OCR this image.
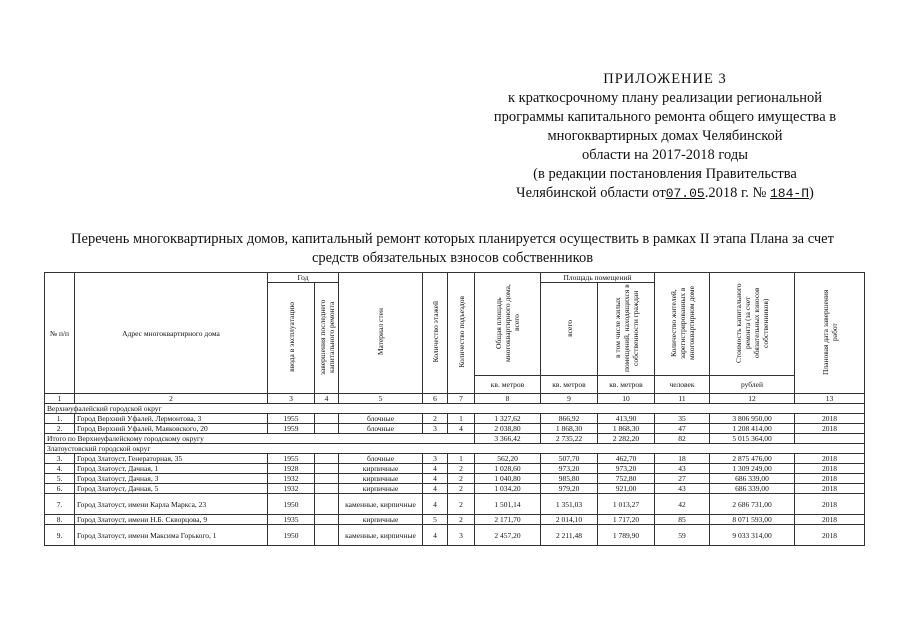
ПРИЛОЖЕНИЕ 3
к краткосрочному плану реализации региональной
программы капитального ремонта общего имущества в
многоквартирных домах Челябинской
области на 2017-2018 годы
(в редакции постановления Правительства
Челябинской области от07.05.2018 г. № 184-П)
Перечень многоквартирных домов, капитальный ремонт которых планируется осуществить в рамках II этапа Плана за счет
средств обязательных взносов собственников
№ п/п	Адрес многоквартирного дома	Год		Материал стен	Количество этажей	Количество подъездов	Общая площадь многоквартирного дома, всего	Площадь помещений		Количество жителей, зарегистрированных в многоквартирном доме	Стоимость капитального ремонта (за счет обязательных взносов собственников)	Плановая дата завершения работ
		ввода в эксплуатацию	завершения последнего капитального ремонта					всего	в том числе жилых помещений, находящихся в собственности граждан			
							кв. метров	кв. метров	кв. метров	человек	рублей	
1	2	3	4	5	6	7	8	9	10	11	12	13
Верхнеуфалейский городской округ												
1.	Город Верхний Уфалей, Лермонтова, 3	1955		блочные	2	1	1 327,62	866,92	413,90	35	3 806 950,00	2018
2.	Город Верхний Уфалей, Маяковского, 20	1959		блочные	3	4	2 038,80	1 868,30	1 868,30	47	1 208 414,00	2018
Итого по Верхнеуфалейскому городскому округу							3 366,42	2 735,22	2 282,20	82	5 015 364,00	
Златоустовский городской округ												
3.	Город Златоуст, Генераторная, 35	1955		блочные	3	1	562,20	507,70	462,70	18	2 875 476,00	2018
4.	Город Златоуст, Дачная, 1	1928		кирпичные	4	2	1 028,60	973,20	973,20	43	1 309 249,00	2018
5.	Город Златоуст, Дачная, 3	1932		кирпичные	4	2	1 040,80	985,80	752,80	27	686 339,00	2018
6.	Город Златоуст, Дачная, 5	1932		кирпичные	4	2	1 034,20	979,20	921,00	43	686 339,00	2018
7.	Город Златоуст, имени Карла Маркса, 23	1950		каменные, кирпичные	4	2	1 501,14	1 351,03	1 013,27	42	2 686 731,00	2018
8.	Город Златоуст, имени Н.Б. Скворцова, 9	1935		кирпичные	5	2	2 171,70	2 014,10	1 717,20	85	8 071 593,00	2018
9.	Город Златоуст, имени Максима Горького, 1	1950		каменные, кирпичные	4	3	2 457,20	2 211,48	1 789,90	59	9 033 314,00	2018
